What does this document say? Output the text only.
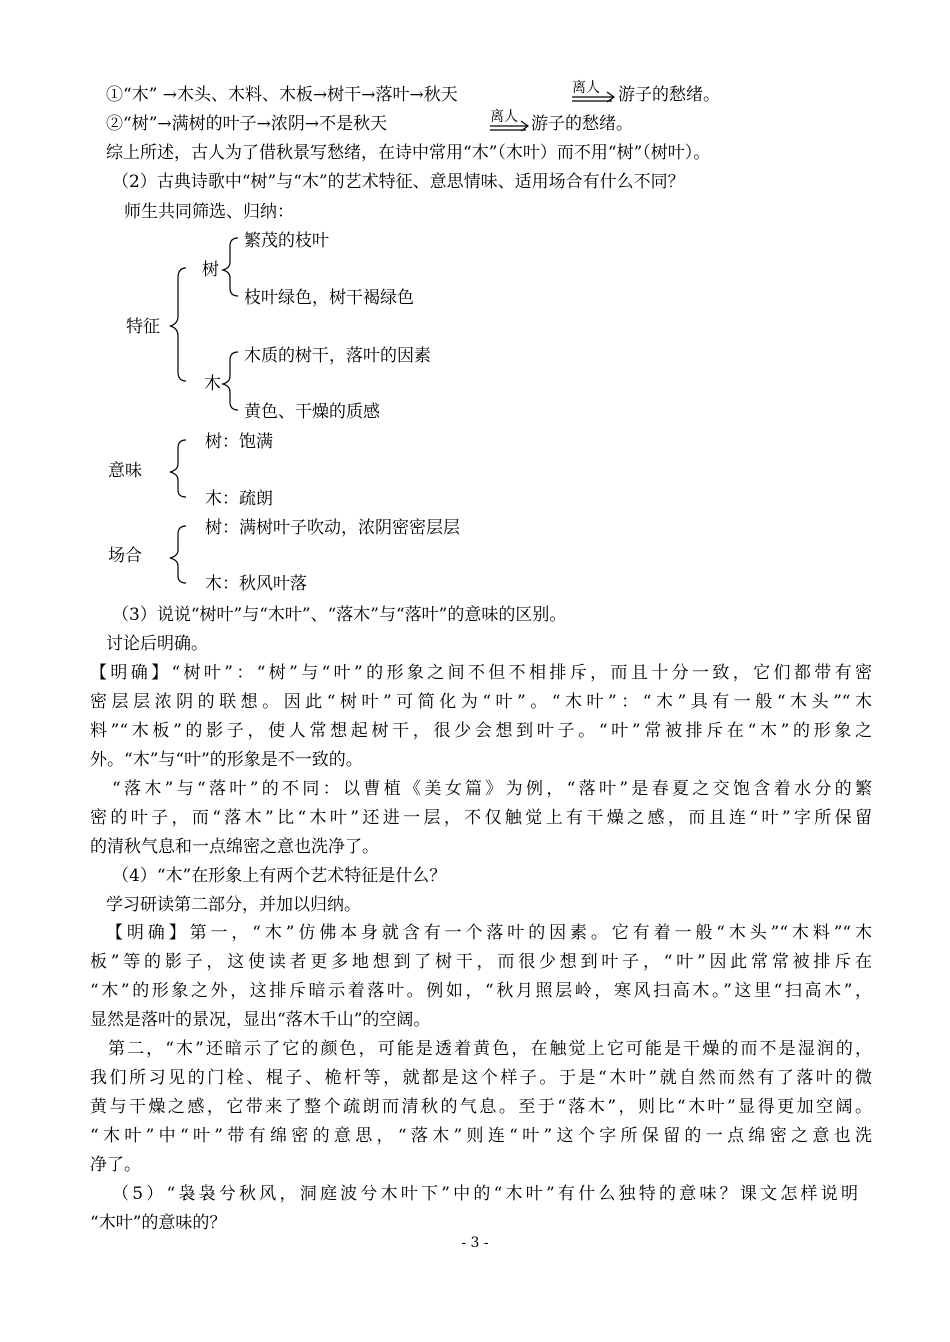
①“木” →木头、木料、木板→树干→落叶→秋天	离人 游子的愁绪。
②“树”→满树的叶子→浓阴→不是秋天	离人 游子的愁绪。
综上所述，古人为了借秋景写愁绪，在诗中常用“木”（木叶）而不用“树”（树叶）。
（2）古典诗歌中“树”与“木”的艺术特征、意思情味、适用场合有什么不同？
师生共同筛选、归纳：
特征
树
繁茂的枝叶
枝叶绿色，树干褐绿色
木
木质的树干，落叶的因素
黄色、干燥的质感
意味
树：饱满
木：疏朗
场合
树：满树叶子吹动，浓阴密密层层
木：秋风叶落
（3）说说“树叶”与“木叶”、“落木”与“落叶”的意味的区别。
讨论后明确。
【明确】“树叶”：“树”与“叶”的形象之间不但不相排斥，而且十分一致，它们都带有密
密层层浓阴的联想。因此“树叶”可简化为“叶”。“木叶”：“木”具有一般“木头”“木
料”“木板”的影子，使人常想起树干，很少会想到叶子。“叶”常被排斥在“木”的形象之
外。“木”与“叶”的形象是不一致的。
“落木”与“落叶”的不同：以曹植《美女篇》为例，“落叶”是春夏之交饱含着水分的繁
密的叶子，而“落木”比“木叶”还进一层，不仅触觉上有干燥之感，而且连“叶”字所保留
的清秋气息和一点绵密之意也洗净了。
（4）“木”在形象上有两个艺术特征是什么？
学习研读第二部分，并加以归纳。
【明确】第一，“木”仿佛本身就含有一个落叶的因素。它有着一般“木头”“木料”“木
板”等的影子，这使读者更多地想到了树干，而很少想到叶子，“叶”因此常常被排斥在
“木”的形象之外，这排斥暗示着落叶。例如，“秋月照层岭，寒风扫高木。”这里“扫高木”，
显然是落叶的景况，显出“落木千山”的空阔。
第二，“木”还暗示了它的颜色，可能是透着黄色，在触觉上它可能是干燥的而不是湿润的，
我们所习见的门栓、棍子、桅杆等，就都是这个样子。于是“木叶”就自然而然有了落叶的微
黄与干燥之感，它带来了整个疏朗而清秋的气息。至于“落木”，则比“木叶”显得更加空阔。
“木叶”中“叶”带有绵密的意思，“落木”则连“叶”这个字所保留的一点绵密之意也洗
净了。
（5）“袅袅兮秋风，洞庭波兮木叶下”中的“木叶”有什么独特的意味？课文怎样说明
“木叶”的意味的？
- 3 -
